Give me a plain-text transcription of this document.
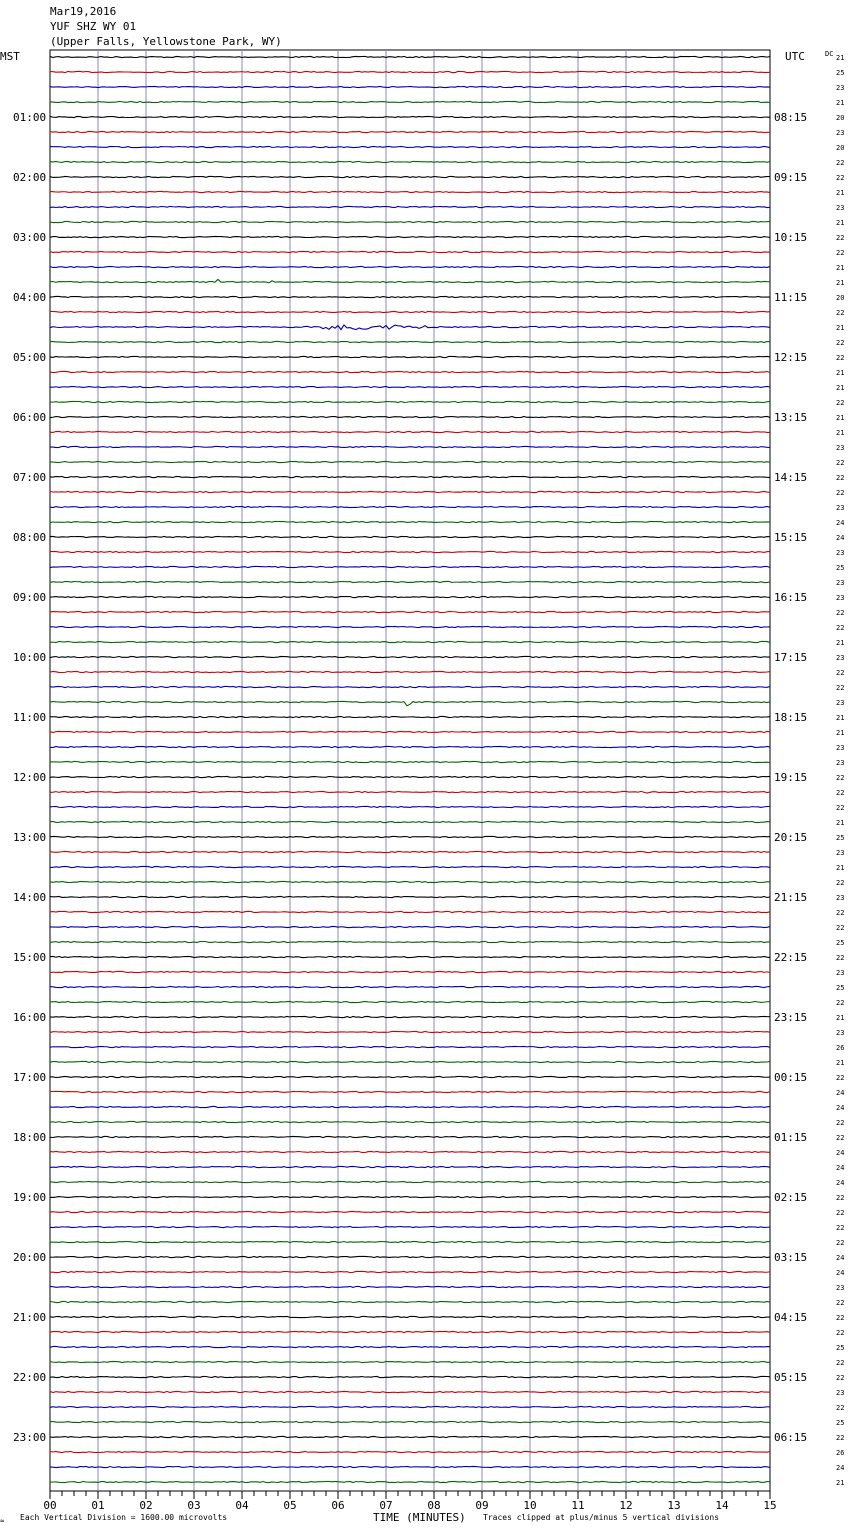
Mar19,2016
YUF SHZ WY 01
(Upper Falls, Yellowstone Park, WY)
21
25
23
21
20
23
20
22
22
21
23
21
22
22
21
21
20
22
21
22
22
21
21
22
21
21
23
22
22
22
23
24
24
23
25
23
23
22
22
21
23
22
22
23
21
21
23
23
22
22
22
21
25
23
21
22
23
22
22
25
22
23
25
22
21
23
26
21
22
24
24
22
22
24
24
24
22
22
22
22
24
24
23
22
22
22
25
22
22
23
22
25
22
26
24
21
MST	UTC	DC
01:00
02:00
03:00
04:00
05:00
06:00
07:00
08:00
09:00
10:00
11:00
12:00
13:00
14:00
15:00
16:00
17:00
18:00
19:00
20:00
21:00
22:00
23:00
08:15
09:15
10:15
11:15
12:15
13:15
14:15
15:15
16:15
17:15
18:15
19:15
20:15
21:15
22:15
23:15
00:15
01:15
02:15
03:15
04:15
05:15
06:15
00	01	02	03	04	05	06	07	08	09	10	11	12	13	14	15
Each Vertical Division = 1600.00 microvolts	TIME (MINUTES) Traces clipped at plus/minus 5 vertical divisions
≈
